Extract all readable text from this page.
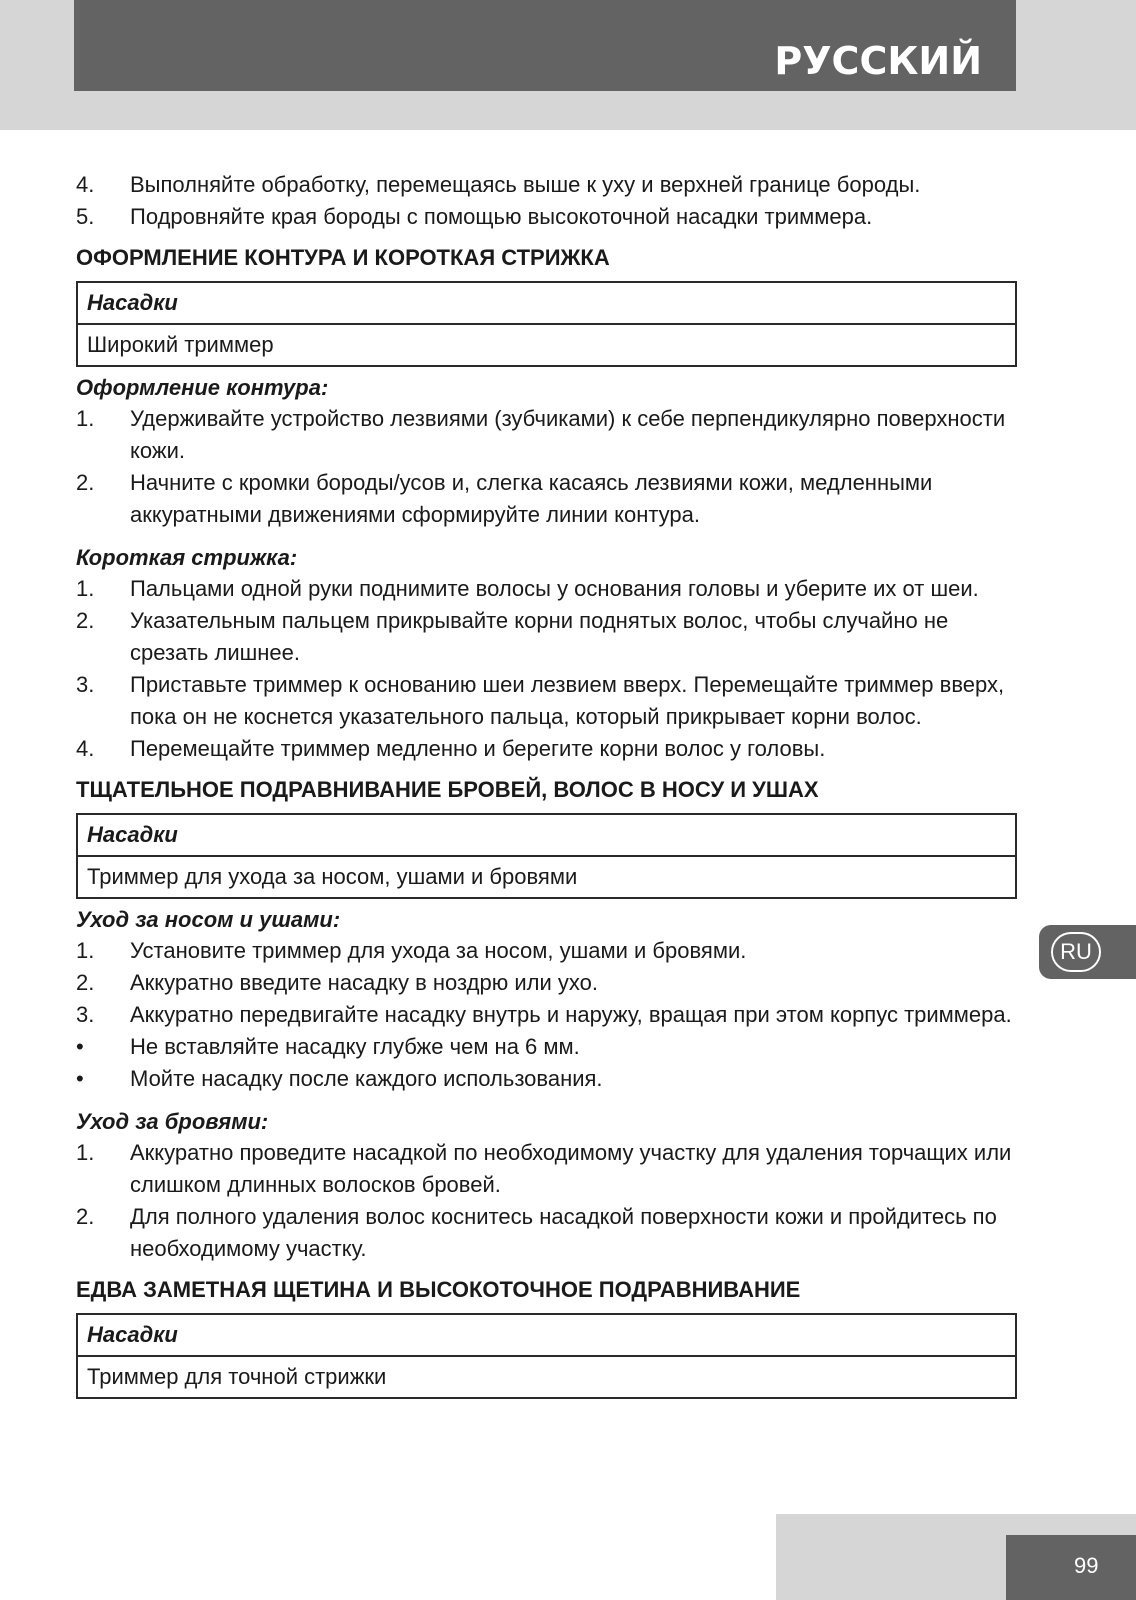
РУССКИЙ
4.	Выполняйте обработку, перемещаясь выше к уху и верхней границе бороды.
5.	Подровняйте края бороды с помощью высокоточной насадки триммера.
ОФОРМЛЕНИЕ КОНТУРА И КОРОТКАЯ СТРИЖКА
Насадки
Широкий триммер
Оформление контура:
1.	Удерживайте устройство лезвиями (зубчиками) к себе перпендикулярно поверхности кожи.
2.	Начните с кромки бороды/усов и, слегка касаясь лезвиями кожи, медленными аккуратными движениями сформируйте линии контура.
Короткая стрижка:
1.	Пальцами одной руки поднимите волосы у основания головы и уберите их от шеи.
2.	Указательным пальцем прикрывайте корни поднятых волос, чтобы случайно не срезать лишнее.
3.	Приставьте триммер к основанию шеи лезвием вверх. Перемещайте триммер вверх, пока он не коснется указательного пальца, который прикрывает корни волос.
4.	Перемещайте триммер медленно и берегите корни волос у головы.
ТЩАТЕЛЬНОЕ ПОДРАВНИВАНИЕ БРОВЕЙ, ВОЛОС В НОСУ И УШАХ
Насадки
Триммер для ухода за носом, ушами и бровями
Уход за носом и ушами:
1.	Установите триммер для ухода за носом, ушами и бровями.
2.	Аккуратно введите насадку в ноздрю или ухо.
3.	Аккуратно передвигайте насадку внутрь и наружу, вращая при этом корпус триммера.
•	Не вставляйте насадку глубже чем на 6 мм.
•	Мойте насадку после каждого использования.
Уход за бровями:
1.	Аккуратно проведите насадкой по необходимому участку для удаления торчащих или слишком длинных волосков бровей.
2.	Для полного удаления волос коснитесь насадкой поверхности кожи и пройдитесь по необходимому участку.
ЕДВА ЗАМЕТНАЯ ЩЕТИНА И ВЫСОКОТОЧНОЕ ПОДРАВНИВАНИЕ
Насадки
Триммер для точной стрижки
RU
99
